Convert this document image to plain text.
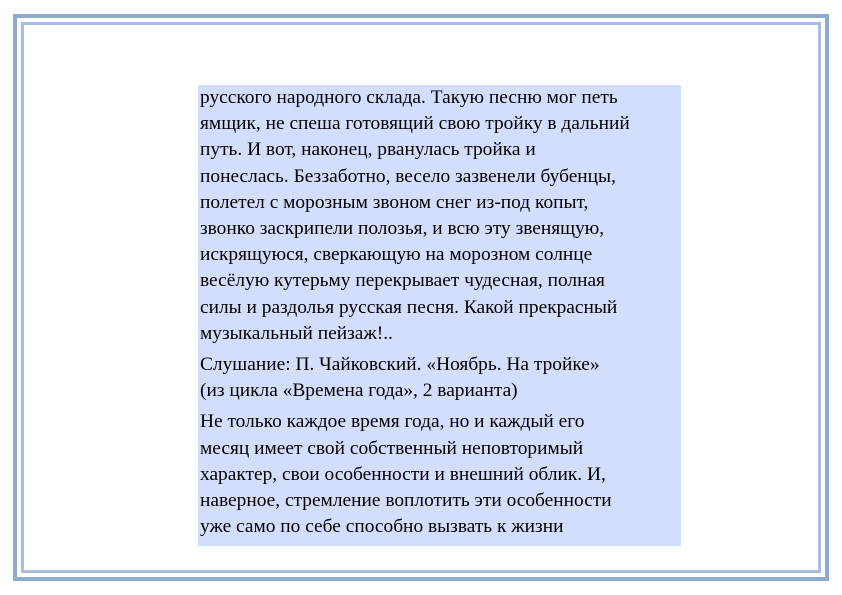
русского народного склада. Такую песню мог петь
ямщик, не спеша готовящий свою тройку в дальний
путь. И вот, наконец, рванулась тройка и
понеслась. Беззаботно, весело зазвенели бубенцы,
полетел с морозным звоном снег из-под копыт,
звонко заскрипели полозья, и всю эту звенящую,
искрящуюся, сверкающую на морозном солнце
весёлую кутерьму перекрывает чудесная, полная
силы и раздолья русская песня. Какой прекрасный
музыкальный пейзаж!..

Слушание: П. Чайковский. «Ноябрь. На тройке»
(из цикла «Времена года», 2 варианта)

Не только каждое время года, но и каждый его
месяц имеет свой собственный неповторимый
характер, свои особенности и внешний облик. И,
наверное, стремление воплотить эти особенности
уже само по себе способно вызвать к жизни
